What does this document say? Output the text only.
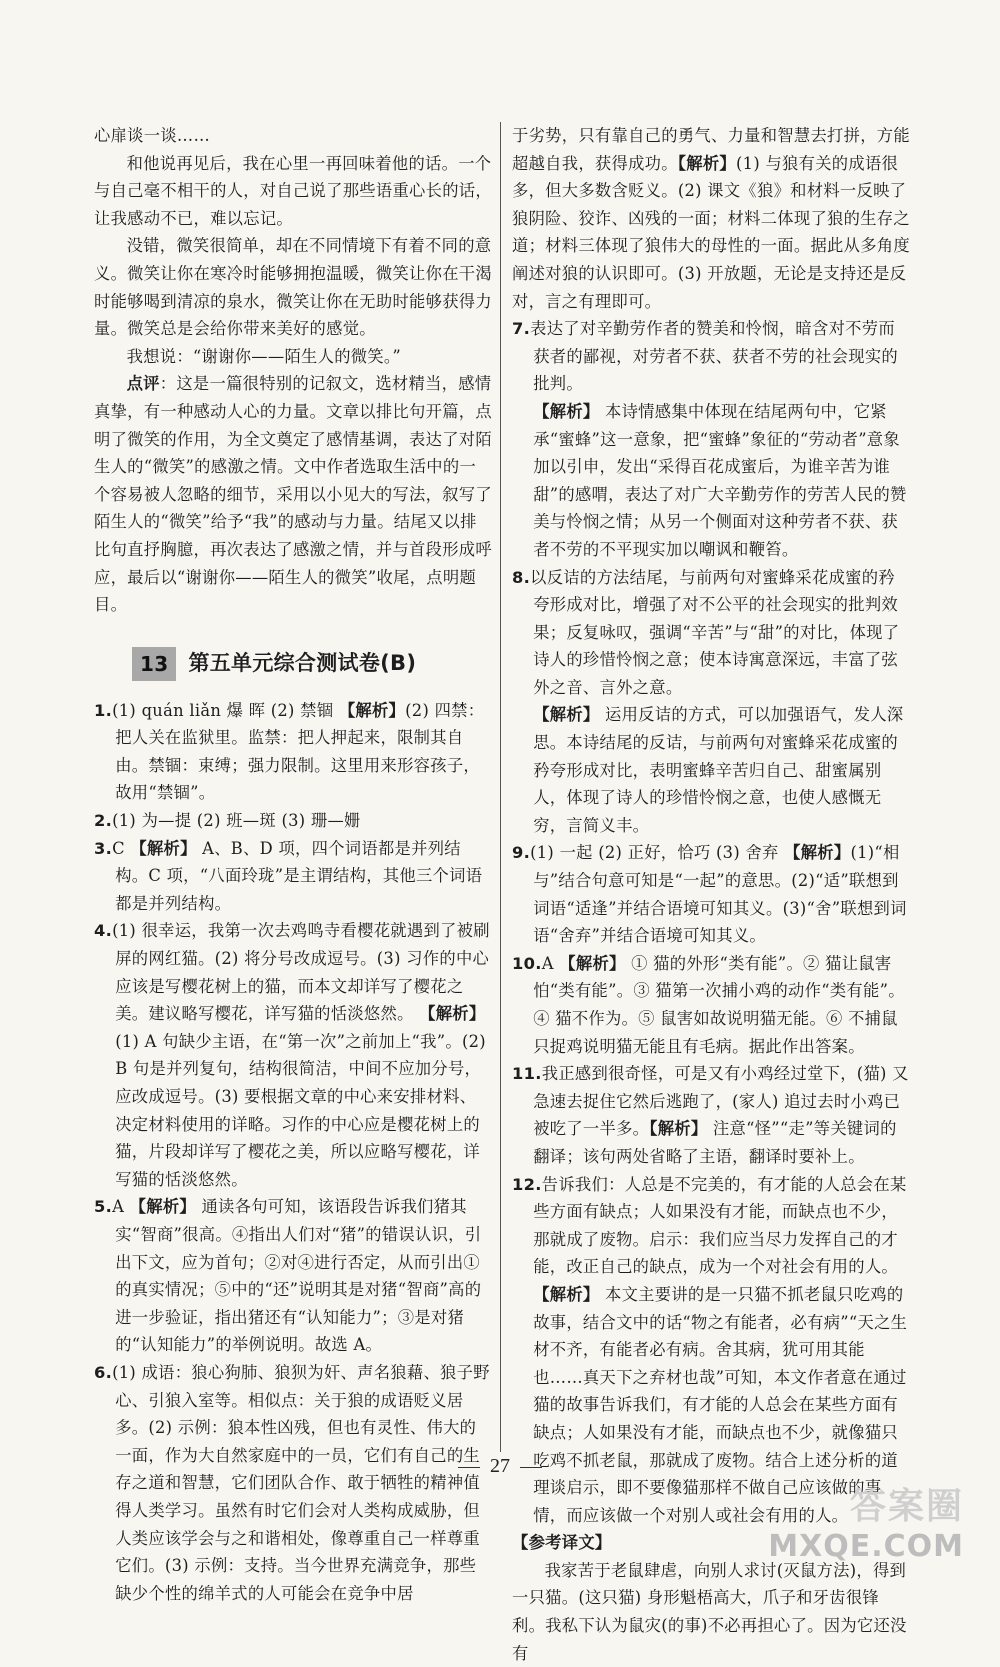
心扉谈一谈……

和他说再见后，我在心里一再回味着他的话。一个与自己毫不相干的人，对自己说了那些语重心长的话，让我感动不已，难以忘记。

没错，微笑很简单，却在不同情境下有着不同的意义。微笑让你在寒冷时能够拥抱温暖，微笑让你在干渴时能够喝到清凉的泉水，微笑让你在无助时能够获得力量。微笑总是会给你带来美好的感觉。

我想说：“谢谢你——陌生人的微笑。”

点评：这是一篇很特别的记叙文，选材精当，感情真挚，有一种感动人心的力量。文章以排比句开篇，点明了微笑的作用，为全文奠定了感情基调，表达了对陌生人的“微笑”的感激之情。文中作者选取生活中的一个容易被人忽略的细节，采用以小见大的写法，叙写了陌生人的“微笑”给予“我”的感动与力量。结尾又以排比句直抒胸臆，再次表达了感激之情，并与首段形成呼应，最后以“谢谢你——陌生人的微笑”收尾，点明题目。

13 第五单元综合测试卷(B)

1.(1) quán liǎn 爆 晖 (2) 禁锢 【解析】(2) 四禁：把人关在监狱里。监禁：把人押起来，限制其自由。禁锢：束缚；强力限制。这里用来形容孩子，故用“禁锢”。

2.(1) 为—提 (2) 班—斑 (3) 珊—姗

3.C 【解析】 A、B、D 项，四个词语都是并列结构。C 项，“八面玲珑”是主谓结构，其他三个词语都是并列结构。

4.(1) 很幸运，我第一次去鸡鸣寺看樱花就遇到了被刷屏的网红猫。(2) 将分号改成逗号。(3) 习作的中心应该是写樱花树上的猫，而本文却详写了樱花之美。建议略写樱花，详写猫的恬淡悠然。 【解析】 (1) A 句缺少主语，在“第一次”之前加上“我”。(2) B 句是并列复句，结构很简洁，中间不应加分号，应改成逗号。(3) 要根据文章的中心来安排材料、决定材料使用的详略。习作的中心应是樱花树上的猫，片段却详写了樱花之美，所以应略写樱花，详写猫的恬淡悠然。

5.A 【解析】 通读各句可知，该语段告诉我们猪其实“智商”很高。④指出人们对“猪”的错误认识，引出下文，应为首句；②对④进行否定，从而引出①的真实情况；⑤中的“还”说明其是对猪“智商”高的进一步验证，指出猪还有“认知能力”；③是对猪的“认知能力”的举例说明。故选 A。

6.(1) 成语：狼心狗肺、狼狈为奸、声名狼藉、狼子野心、引狼入室等。相似点：关于狼的成语贬义居多。(2) 示例：狼本性凶残，但也有灵性、伟大的一面，作为大自然家庭中的一员，它们有自己的生存之道和智慧，它们团队合作、敢于牺牲的精神值得人类学习。虽然有时它们会对人类构成威胁，但人类应该学会与之和谐相处，像尊重自己一样尊重它们。(3) 示例：支持。当今世界充满竞争，那些缺少个性的绵羊式的人可能会在竞争中居

于劣势，只有靠自己的勇气、力量和智慧去打拼，方能超越自我，获得成功。【解析】(1) 与狼有关的成语很多，但大多数含贬义。(2) 课文《狼》和材料一反映了狼阴险、狡诈、凶残的一面；材料二体现了狼的生存之道；材料三体现了狼伟大的母性的一面。据此从多角度阐述对狼的认识即可。(3) 开放题，无论是支持还是反对，言之有理即可。

7.表达了对辛勤劳作者的赞美和怜悯，暗含对不劳而获者的鄙视，对劳者不获、获者不劳的社会现实的批判。
【解析】 本诗情感集中体现在结尾两句中，它紧承“蜜蜂”这一意象，把“蜜蜂”象征的“劳动者”意象加以引申，发出“采得百花成蜜后，为谁辛苦为谁甜”的感喟，表达了对广大辛勤劳作的劳苦人民的赞美与怜悯之情；从另一个侧面对这种劳者不获、获者不劳的不平现实加以嘲讽和鞭笞。

8.以反诘的方法结尾，与前两句对蜜蜂采花成蜜的矜夸形成对比，增强了对不公平的社会现实的批判效果；反复咏叹，强调“辛苦”与“甜”的对比，体现了诗人的珍惜怜悯之意；使本诗寓意深远，丰富了弦外之音、言外之意。
【解析】 运用反诘的方式，可以加强语气，发人深思。本诗结尾的反诘，与前两句对蜜蜂采花成蜜的矜夸形成对比，表明蜜蜂辛苦归自己、甜蜜属别人，体现了诗人的珍惜怜悯之意，也使人感慨无穷，言简义丰。

9.(1) 一起 (2) 正好，恰巧 (3) 舍弃 【解析】(1)“相与”结合句意可知是“一起”的意思。(2)“适”联想到词语“适逢”并结合语境可知其义。(3)“舍”联想到词语“舍弃”并结合语境可知其义。

10.A 【解析】 ① 猫的外形“类有能”。② 猫让鼠害怕“类有能”。③ 猫第一次捕小鸡的动作“类有能”。④ 猫不作为。⑤ 鼠害如故说明猫无能。⑥ 不捕鼠只捉鸡说明猫无能且有毛病。据此作出答案。

11.我正感到很奇怪，可是又有小鸡经过堂下，(猫) 又急速去捉住它然后逃跑了，(家人) 追过去时小鸡已被吃了一半多。【解析】 注意“怪”“走”等关键词的翻译；该句两处省略了主语，翻译时要补上。

12.告诉我们：人总是不完美的，有才能的人总会在某些方面有缺点；人如果没有才能，而缺点也不少，那就成了废物。启示：我们应当尽力发挥自己的才能，改正自己的缺点，成为一个对社会有用的人。【解析】 本文主要讲的是一只猫不抓老鼠只吃鸡的故事，结合文中的话“物之有能者，必有病”“天之生材不齐，有能者必有病。舍其病，犹可用其能也……真天下之弃材也哉”可知，本文作者意在通过猫的故事告诉我们，有才能的人总会在某些方面有缺点；人如果没有才能，而缺点也不少，就像猫只吃鸡不抓老鼠，那就成了废物。结合上述分析的道理谈启示，即不要像猫那样不做自己应该做的事情，而应该做一个对别人或社会有用的人。

【参考译文】

我家苦于老鼠肆虐，向别人求讨(灭鼠方法)，得到一只猫。(这只猫) 身形魁梧高大，爪子和牙齿很锋利。我私下认为鼠灾(的事)不必再担心了。因为它还没有

27
答案圈
MXQE.COM
